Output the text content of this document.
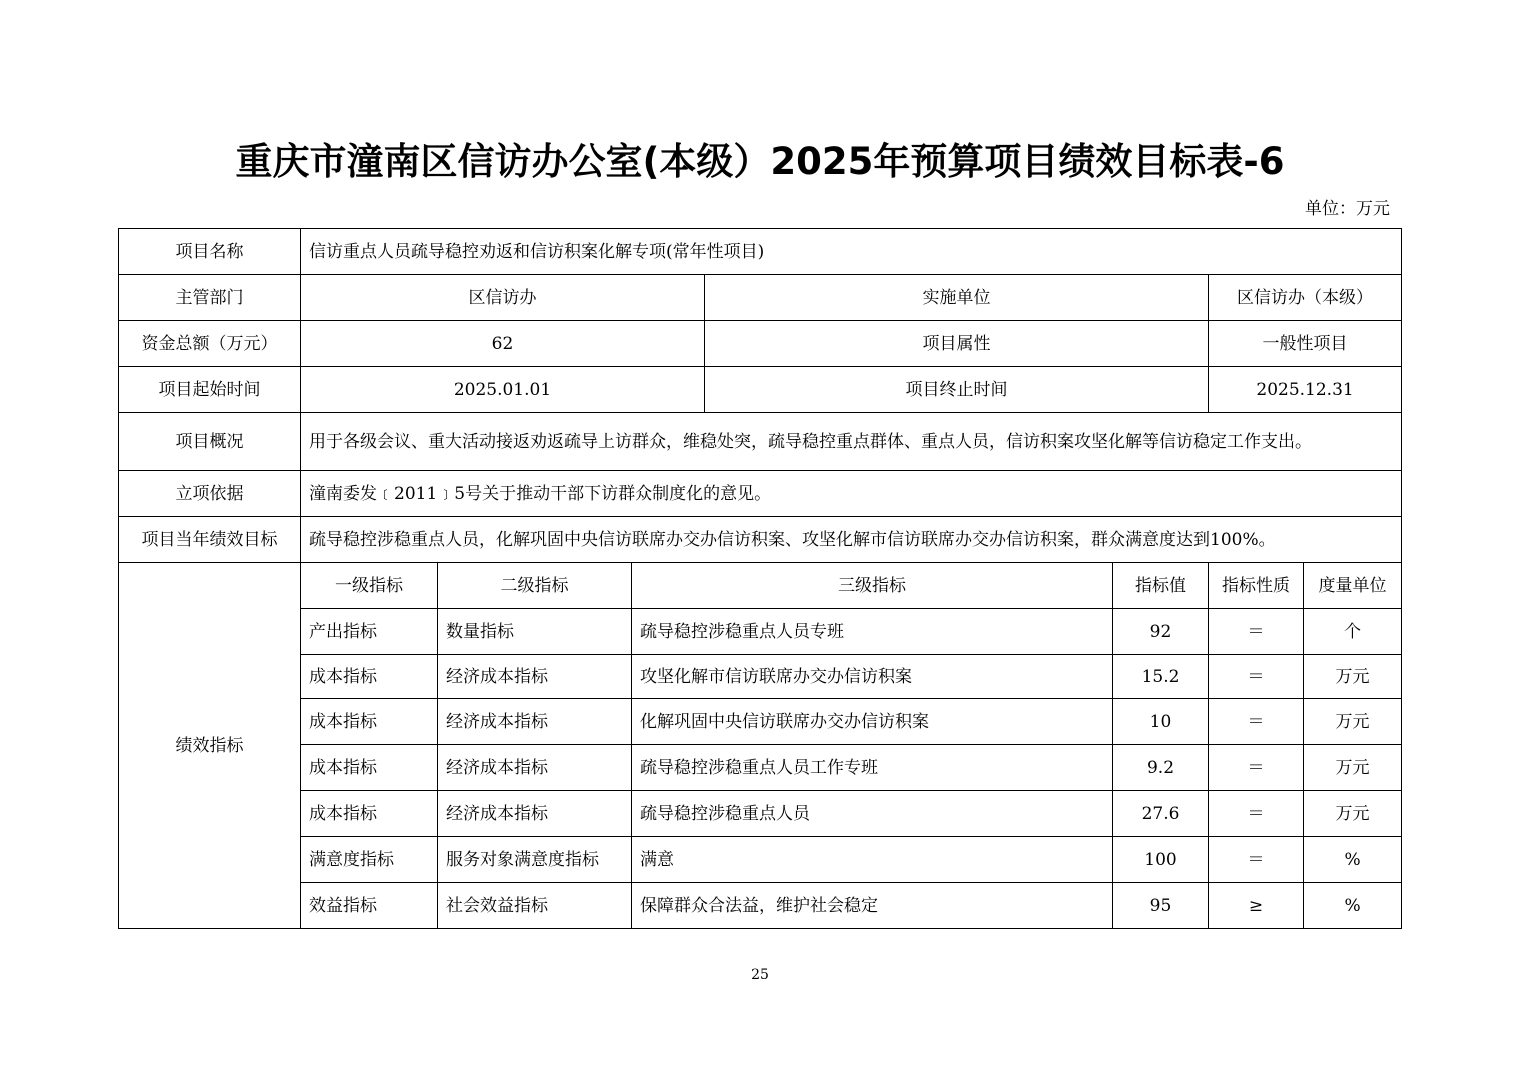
重庆市潼南区信访办公室(本级）2025年预算项目绩效目标表-6
单位：万元
项目名称	信访重点人员疏导稳控劝返和信访积案化解专项(常年性项目)						
主管部门	区信访办			实施单位		区信访办（本级）	
资金总额（万元）	62			项目属性		一般性项目	
项目起始时间	2025.01.01			项目终止时间		2025.12.31	
项目概况	用于各级会议、重大活动接返劝返疏导上访群众，维稳处突，疏导稳控重点群体、重点人员，信访积案攻坚化解等信访稳定工作支出。						
立项依据	潼南委发﹝2011﹞5号关于推动干部下访群众制度化的意见。						
项目当年绩效目标	疏导稳控涉稳重点人员，化解巩固中央信访联席办交办信访积案、攻坚化解市信访联席办交办信访积案，群众满意度达到100%。						
绩效指标	一级指标	二级指标	三级指标		指标值	指标性质	度量单位
	产出指标	数量指标	疏导稳控涉稳重点人员专班		92	＝	个
	成本指标	经济成本指标	攻坚化解市信访联席办交办信访积案		15.2	＝	万元
	成本指标	经济成本指标	化解巩固中央信访联席办交办信访积案		10	＝	万元
	成本指标	经济成本指标	疏导稳控涉稳重点人员工作专班		9.2	＝	万元
	成本指标	经济成本指标	疏导稳控涉稳重点人员		27.6	＝	万元
	满意度指标	服务对象满意度指标	满意		100	＝	%
	效益指标	社会效益指标	保障群众合法益，维护社会稳定		95	≥	%
25
